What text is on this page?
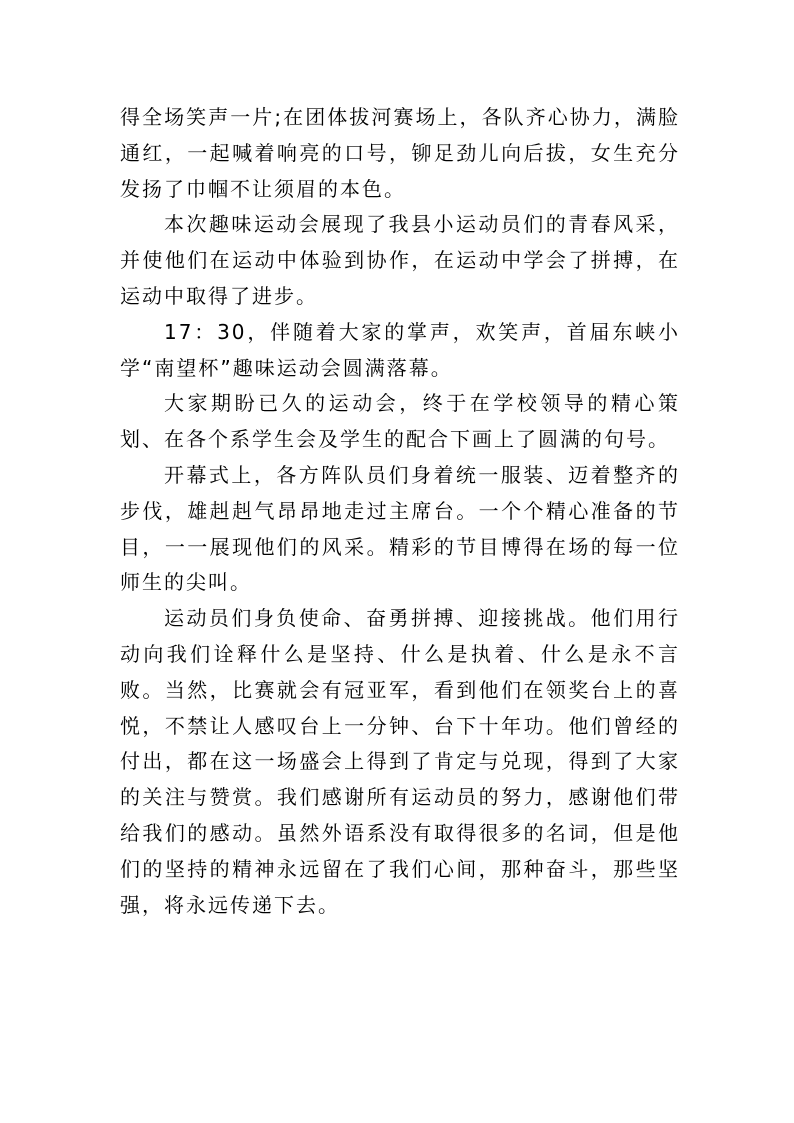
得全场笑声一片;在团体拔河赛场上，各队齐心协力，满脸通红，一起喊着响亮的口号，铆足劲儿向后拔，女生充分发扬了巾帼不让须眉的本色。

本次趣味运动会展现了我县小运动员们的青春风采，并使他们在运动中体验到协作，在运动中学会了拼搏，在运动中取得了进步。

17：30，伴随着大家的掌声，欢笑声，首届东峡小学“南望杯”趣味运动会圆满落幕。

大家期盼已久的运动会，终于在学校领导的精心策划、在各个系学生会及学生的配合下画上了圆满的句号。

开幕式上，各方阵队员们身着统一服装、迈着整齐的步伐，雄赳赳气昂昂地走过主席台。一个个精心准备的节目，一一展现他们的风采。精彩的节目博得在场的每一位师生的尖叫。

运动员们身负使命、奋勇拼搏、迎接挑战。他们用行动向我们诠释什么是坚持、什么是执着、什么是永不言败。当然，比赛就会有冠亚军，看到他们在领奖台上的喜悦，不禁让人感叹台上一分钟、台下十年功。他们曾经的付出，都在这一场盛会上得到了肯定与兑现，得到了大家的关注与赞赏。我们感谢所有运动员的努力，感谢他们带给我们的感动。虽然外语系没有取得很多的名词，但是他们的坚持的精神永远留在了我们心间，那种奋斗，那些坚强，将永远传递下去。
